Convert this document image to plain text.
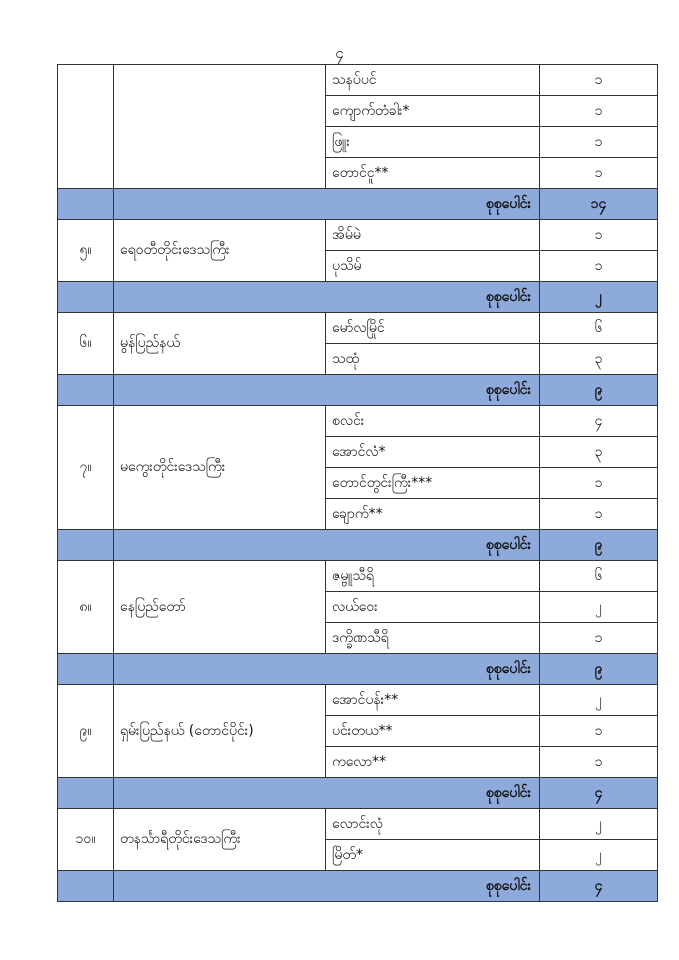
၄
		သနပ်ပင်	၁
		ကျောက်တံခါး*	၁
		ဖြူး	၁
		တောင်ငူ**	၁
	စုစုပေါင်း		၁၄
၅။	ရေဝတီတိုင်းဒေသကြီး	အိမ်မဲ	၁
		ပုသိမ်	၁
	စုစုပေါင်း		၂
၆။	မွန်ပြည်နယ်	မော်လမြိုင်	၆
		သထုံ	၃
	စုစုပေါင်း		၉
၇။	မကွေးတိုင်းဒေသကြီး	စလင်း	၄
		အောင်လံ*	၃
		တောင်တွင်းကြီး***	၁
		ချောက်**	၁
	စုစုပေါင်း		၉
၈။	နေပြည်တော်	ဇမ္ဗူသီရိ	၆
		လယ်ဝေး	၂
		ဒက္ခိဏသီရိ	၁
	စုစုပေါင်း		၉
၉။	ရှမ်းပြည်နယ် (တောင်ပိုင်း)	အောင်ပန်း**	၂
		ပင်းတယ**	၁
		ကလော**	၁
	စုစုပေါင်း		၄
၁၀။	တနင်္သာရီတိုင်းဒေသကြီး	လောင်းလုံ	၂
		မြိတ်*	၂
	စုစုပေါင်း		၄
